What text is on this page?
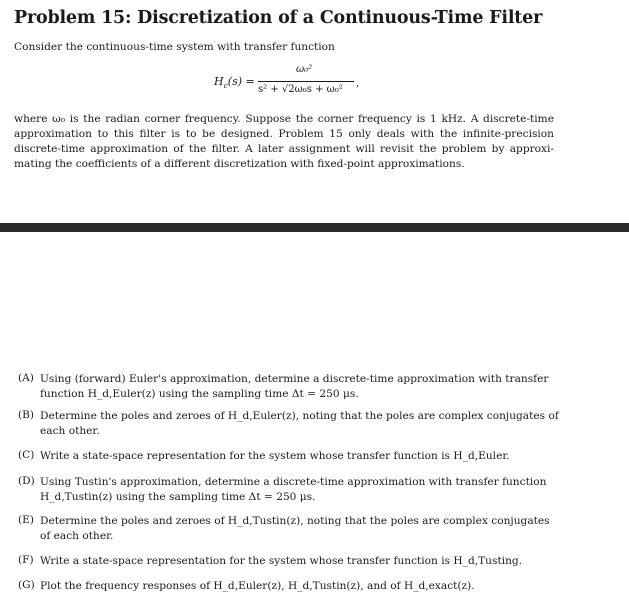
Problem 15: Discretization of a Continuous-Time Filter
Consider the continuous-time system with transfer function
$H_c(s)$ =
ω₀²
s² + √2ω₀s + ω₀²
,
where ω₀ is the radian corner frequency. Suppose the corner frequency is 1 kHz. A discrete-time
approximation to this filter is to be designed. Problem 15 only deals with the infinite-precision
discrete-time approximation of the filter. A later assignment will revisit the problem by approxi-
mating the coefficients of a different discretization with fixed-point approximations.
(A) Using (forward) Euler's approximation, determine a discrete-time approximation with transfer
function H_d,Euler(z) using the sampling time Δt = 250 μs.
(B) Determine the poles and zeroes of H_d,Euler(z), noting that the poles are complex conjugates of
each other.
(C) Write a state-space representation for the system whose transfer function is H_d,Euler.
(D) Using Tustin's approximation, determine a discrete-time approximation with transfer function
H_d,Tustin(z) using the sampling time Δt = 250 μs.
(E) Determine the poles and zeroes of H_d,Tustin(z), noting that the poles are complex conjugates
of each other.
(F) Write a state-space representation for the system whose transfer function is H_d,Tusting.
(G) Plot the frequency responses of H_d,Euler(z), H_d,Tustin(z), and of H_d,exact(z).
